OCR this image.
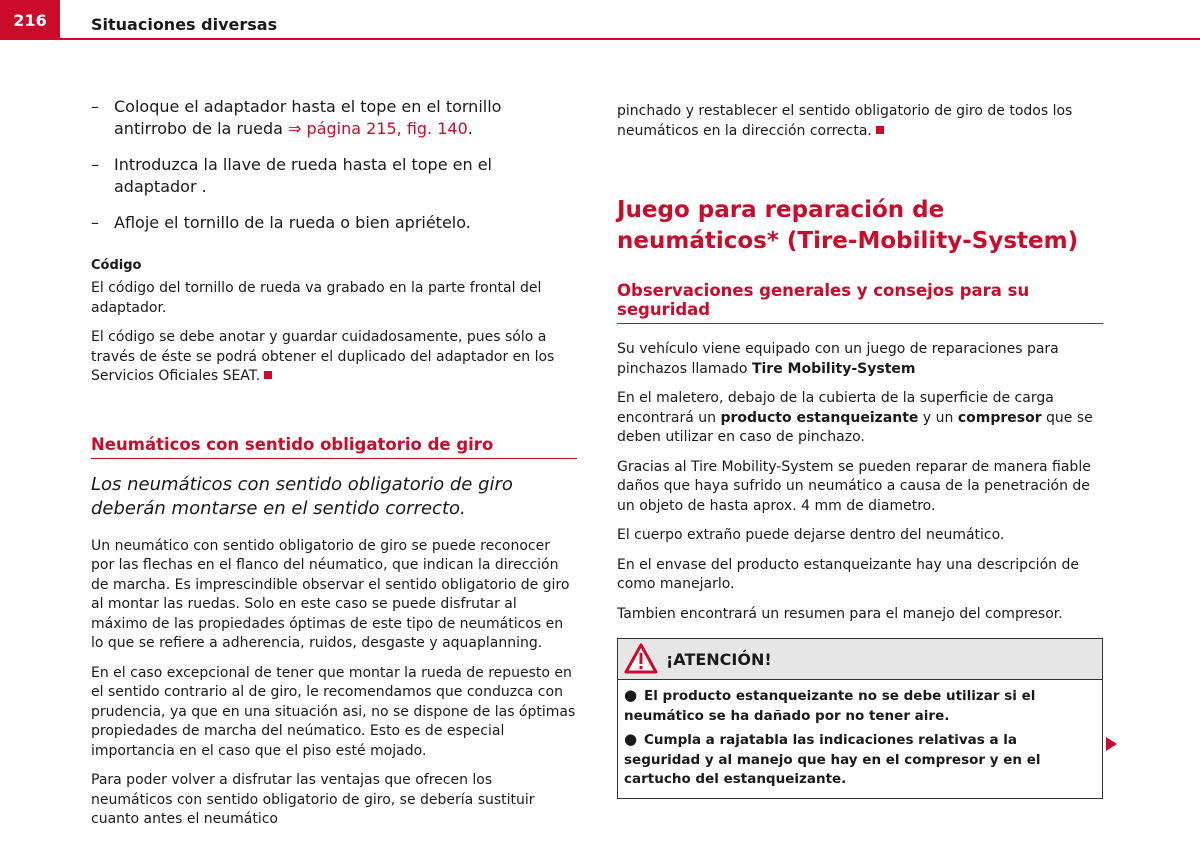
216	Situaciones diversas
– Coloque el adaptador hasta el tope en el tornillo antirrobo de la rueda ⇒ página 215, fig. 140.
– Introduzca la llave de rueda hasta el tope en el adaptador .
– Afloje el tornillo de la rueda o bien apriételo.
Código

El código del tornillo de rueda va grabado en la parte frontal del adaptador.

El código se debe anotar y guardar cuidadosamente, pues sólo a través de éste se podrá obtener el duplicado del adaptador en los Servicios Oficiales SEAT.

Neumáticos con sentido obligatorio de giro
Los neumáticos con sentido obligatorio de giro deberán montarse en el sentido correcto.

Un neumático con sentido obligatorio de giro se puede reconocer por las flechas en el flanco del néumatico, que indican la dirección de marcha. Es imprescindible observar el sentido obligatorio de giro al montar las ruedas. Solo en este caso se puede disfrutar al máximo de las propiedades óptimas de este tipo de neumáticos en lo que se refiere a adherencia, ruidos, desgaste y aquaplanning.

En el caso excepcional de tener que montar la rueda de repuesto en el sentido contrario al de giro, le recomendamos que conduzca con prudencia, ya que en una situación asi, no se dispone de las óptimas propiedades de marcha del neúmatico. Esto es de especial importancia en el caso que el piso esté mojado.

Para poder volver a disfrutar las ventajas que ofrecen los neumáticos con sentido obligatorio de giro, se debería sustituir cuanto antes el neumático

pinchado y restablecer el sentido obligatorio de giro de todos los neumáticos en la dirección correcta.

Juego para reparación de neumáticos* (Tire-Mobility-System)
Observaciones generales y consejos para su seguridad

Su vehículo viene equipado con un juego de reparaciones para pinchazos llamado Tire Mobility-System

En el maletero, debajo de la cubierta de la superficie de carga encontrará un producto estanqueizante y un compresor que se deben utilizar en caso de pinchazo.

Gracias al Tire Mobility-System se pueden reparar de manera fiable daños que haya sufrido un neumático a causa de la penetración de un objeto de hasta aprox. 4 mm de diametro.

El cuerpo extraño puede dejarse dentro del neumático.

En el envase del producto estanqueizante hay una descripción de como manejarlo.

Tambien encontrará un resumen para el manejo del compresor.

¡ATENCIÓN!
● El producto estanqueizante no se debe utilizar si el neumático se ha dañado por no tener aire.
● Cumpla a rajatabla las indicaciones relativas a la seguridad y al manejo que hay en el compresor y en el cartucho del estanqueizante.
